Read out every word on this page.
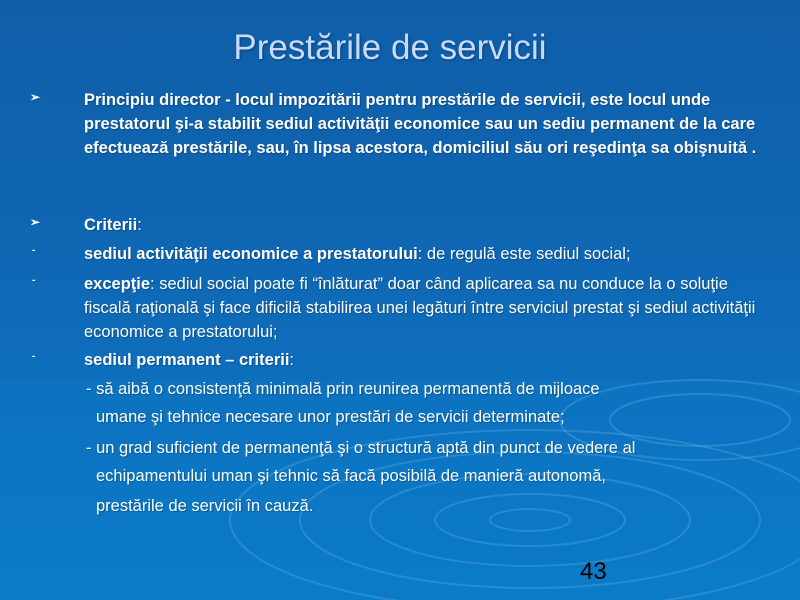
Prestările de servicii
➢	Principiu director - locul impozitării pentru prestările de servicii, este locul unde prestatorul şi-a stabilit sediul activităţii economice sau un sediu permanent de la care efectuează prestările, sau, în lipsa acestora, domiciliul său ori reşedinţa sa obişnuită .
➢	Criterii:
-	sediul activităţii economice a prestatorului: de regulă este sediul social;
-	excepţie: sediul social poate fi “înlăturat” doar când aplicarea sa nu conduce la o soluţie fiscală raţională şi face dificilă stabilirea unei legături între serviciul prestat şi sediul activităţii economice a prestatorului;
-	sediul permanent – criterii:
- să aibă o consistenţă minimală prin reunirea permanentă de mijloace
umane şi tehnice necesare unor prestări de servicii determinate;
- un grad suficient de permanenţă şi o structură aptă din punct de vedere al
echipamentului uman şi tehnic să facă posibilă de manieră autonomă,
prestările de servicii în cauză.
43
